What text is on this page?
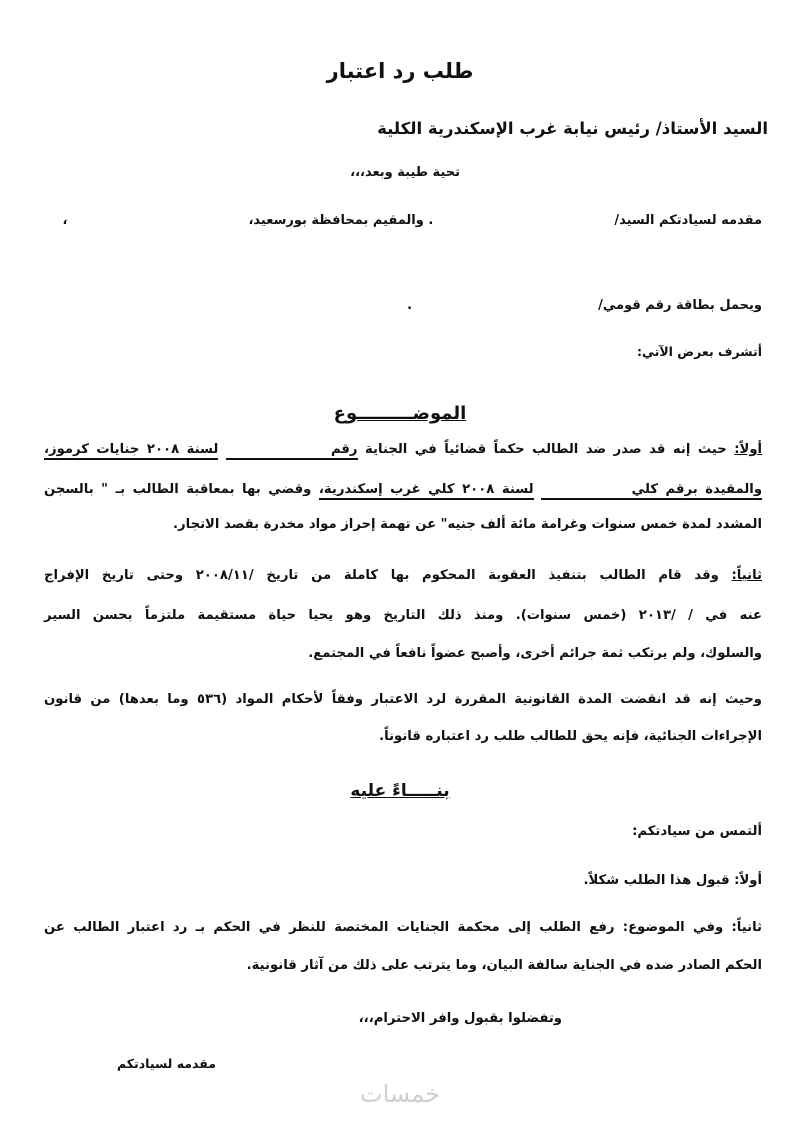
طلب رد اعتبار
السيد الأستاذ/ رئيس نيابة غرب الإسكندرية الكلية
تحية طيبة وبعد،،،
مقدمه لسيادتكم السيد/  . والمقيم بمحافظة بورسعيد،  ،
ويحمل بطاقة رقم قومي/  .
أتشرف بعرض الآتي:
الموضـــــــــوع
أولاً: حيث إنه قد صدر ضد الطالب حكماً قضائياً في الجناية رقم               لسنة ٢٠٠٨ جنايات كرموز،
والمقيدة برقم كلي             لسنة ٢٠٠٨ كلي غرب إسكندرية، وقضي بها بمعاقبة الطالب بـ " بالسجن
المشدد لمدة خمس سنوات وغرامة مائة ألف جنيه" عن تهمة إحراز مواد مخدرة بقصد الاتجار.
ثانياً: وقد قام الطالب بتنفيذ العقوبة المحكوم بها كاملة من تاريخ /٢٠٠٨/١١ وحتى تاريخ الإفراج
عنه في / /٢٠١٣ (خمس سنوات). ومنذ ذلك التاريخ وهو يحيا حياة مستقيمة ملتزماً بحسن السير
والسلوك، ولم يرتكب ثمة جرائم أخرى، وأصبح عضواً نافعاً في المجتمع.
وحيث إنه قد انقضت المدة القانونية المقررة لرد الاعتبار وفقاً لأحكام المواد (٥٣٦ وما بعدها) من قانون
الإجراءات الجنائية، فإنه يحق للطالب طلب رد اعتباره قانوناً.
بنـــــاءً عليه
ألتمس من سيادتكم:
أولاً: قبول هذا الطلب شكلاً.
ثانياً: وفي الموضوع: رفع الطلب إلى محكمة الجنايات المختصة للنظر في الحكم بـ رد اعتبار الطالب عن
الحكم الصادر ضده في الجناية سالفة البيان، وما يترتب على ذلك من آثار قانونية.
وتفضلوا بقبول وافر الاحترام،،،
مقدمه لسيادتكم
خمسات
